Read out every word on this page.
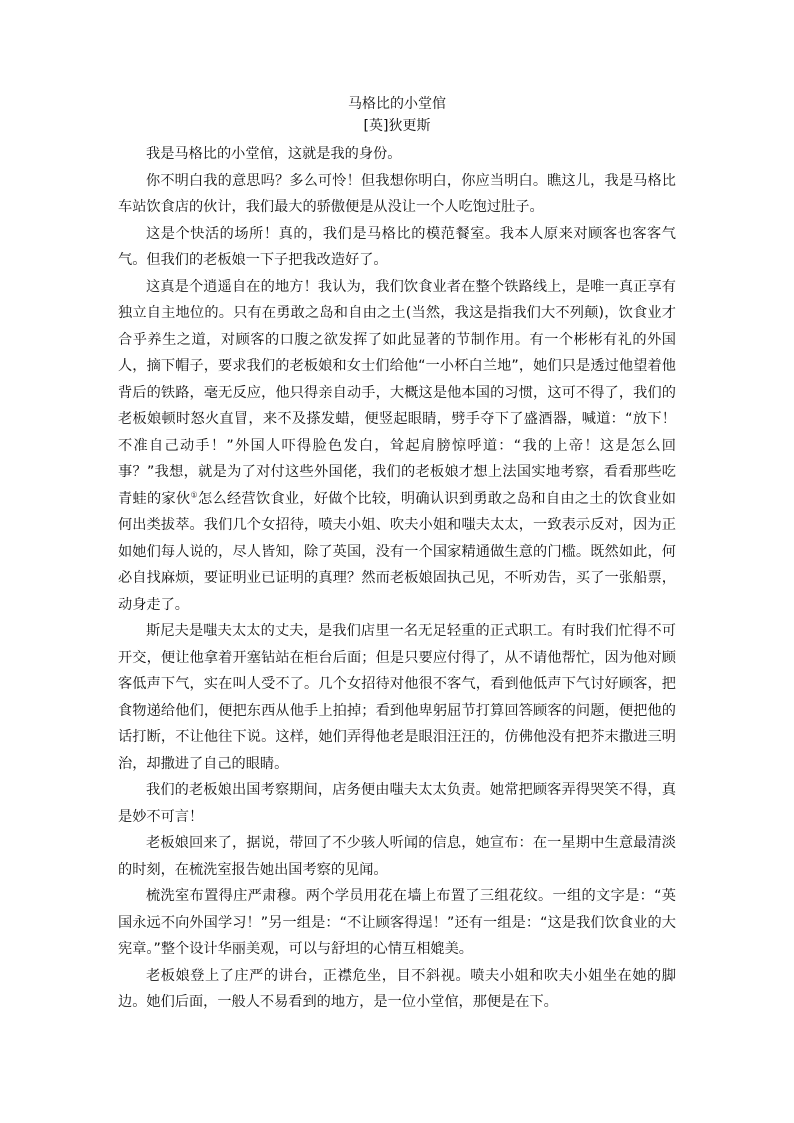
马格比的小堂倌
[英]狄更斯

我是马格比的小堂倌，这就是我的身份。

你不明白我的意思吗？多么可怜！但我想你明白，你应当明白。瞧这儿，我是马格比车站饮食店的伙计，我们最大的骄傲便是从没让一个人吃饱过肚子。

这是个快活的场所！真的，我们是马格比的模范餐室。我本人原来对顾客也客客气气。但我们的老板娘一下子把我改造好了。

这真是个逍遥自在的地方！我认为，我们饮食业者在整个铁路线上，是唯一真正享有独立自主地位的。只有在勇敢之岛和自由之土(当然，我这是指我们大不列颠)，饮食业才合乎养生之道，对顾客的口腹之欲发挥了如此显著的节制作用。有一个彬彬有礼的外国人，摘下帽子，要求我们的老板娘和女士们给他“一小杯白兰地”，她们只是透过他望着他背后的铁路，毫无反应，他只得亲自动手，大概这是他本国的习惯，这可不得了，我们的老板娘顿时怒火直冒，来不及搽发蜡，便竖起眼睛，劈手夺下了盛酒器，喊道：“放下！不准自己动手！”外国人吓得脸色发白，耸起肩膀惊呼道：“我的上帝！这是怎么回事？”我想，就是为了对付这些外国佬，我们的老板娘才想上法国实地考察，看看那些吃青蛙的家伙①怎么经营饮食业，好做个比较，明确认识到勇敢之岛和自由之土的饮食业如何出类拔萃。我们几个女招待，喷夫小姐、吹夫小姐和嗤夫太太，一致表示反对，因为正如她们每人说的，尽人皆知，除了英国，没有一个国家精通做生意的门槛。既然如此，何必自找麻烦，要证明业已证明的真理？然而老板娘固执己见，不听劝告，买了一张船票，动身走了。

斯尼夫是嗤夫太太的丈夫，是我们店里一名无足轻重的正式职工。有时我们忙得不可开交，便让他拿着开塞钻站在柜台后面；但是只要应付得了，从不请他帮忙，因为他对顾客低声下气，实在叫人受不了。几个女招待对他很不客气，看到他低声下气讨好顾客，把食物递给他们，便把东西从他手上拍掉；看到他卑躬屈节打算回答顾客的问题，便把他的话打断，不让他往下说。这样，她们弄得他老是眼泪汪汪的，仿佛他没有把芥末撒进三明治，却撒进了自己的眼睛。

我们的老板娘出国考察期间，店务便由嗤夫太太负责。她常把顾客弄得哭笑不得，真是妙不可言！

老板娘回来了，据说，带回了不少骇人听闻的信息，她宣布：在一星期中生意最清淡的时刻，在梳洗室报告她出国考察的见闻。

梳洗室布置得庄严肃穆。两个学员用花在墙上布置了三组花纹。一组的文字是：“英国永远不向外国学习！”另一组是：“不让顾客得逞！”还有一组是：“这是我们饮食业的大宪章。”整个设计华丽美观，可以与舒坦的心情互相媲美。

老板娘登上了庄严的讲台，正襟危坐，目不斜视。喷夫小姐和吹夫小姐坐在她的脚边。她们后面，一般人不易看到的地方，是一位小堂倌，那便是在下。
